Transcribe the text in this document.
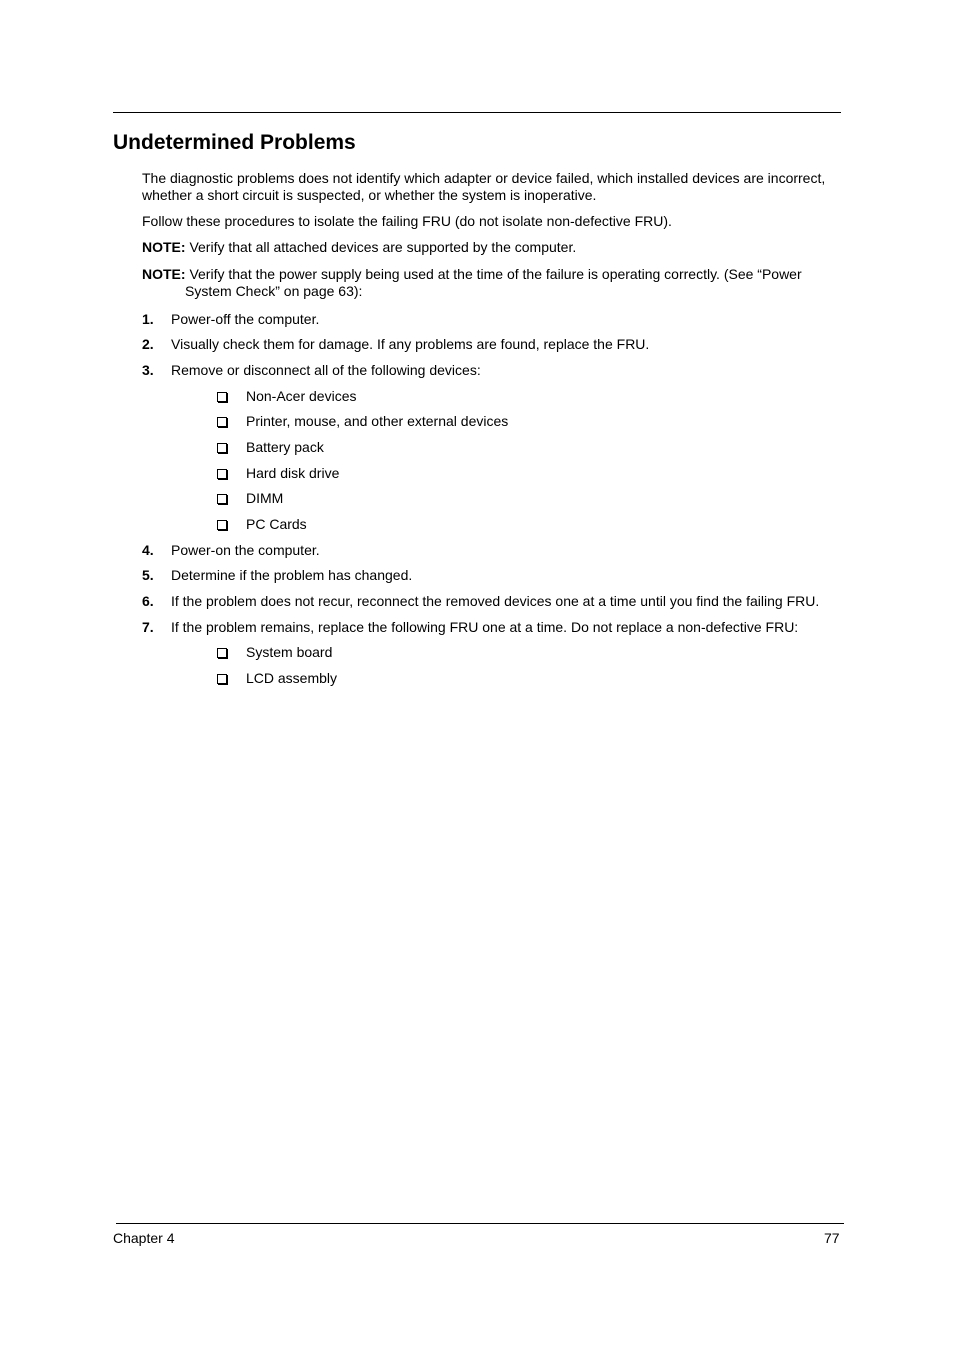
Undetermined Problems

The diagnostic problems does not identify which adapter or device failed, which installed devices are incorrect, whether a short circuit is suspected, or whether the system is inoperative.

Follow these procedures to isolate the failing FRU (do not isolate non-defective FRU).

NOTE: Verify that all attached devices are supported by the computer.
NOTE: Verify that the power supply being used at the time of the failure is operating correctly. (See “Power
System Check” on page 63):
1. Power-off the computer.
2. Visually check them for damage. If any problems are found, replace the FRU.
3. Remove or disconnect all of the following devices:
Non-Acer devices
Printer, mouse, and other external devices
Battery pack
Hard disk drive
DIMM
PC Cards
4. Power-on the computer.
5. Determine if the problem has changed.
6. If the problem does not recur, reconnect the removed devices one at a time until you find the failing FRU.
7. If the problem remains, replace the following FRU one at a time. Do not replace a non-defective FRU:
System board
LCD assembly
Chapter 4	77
